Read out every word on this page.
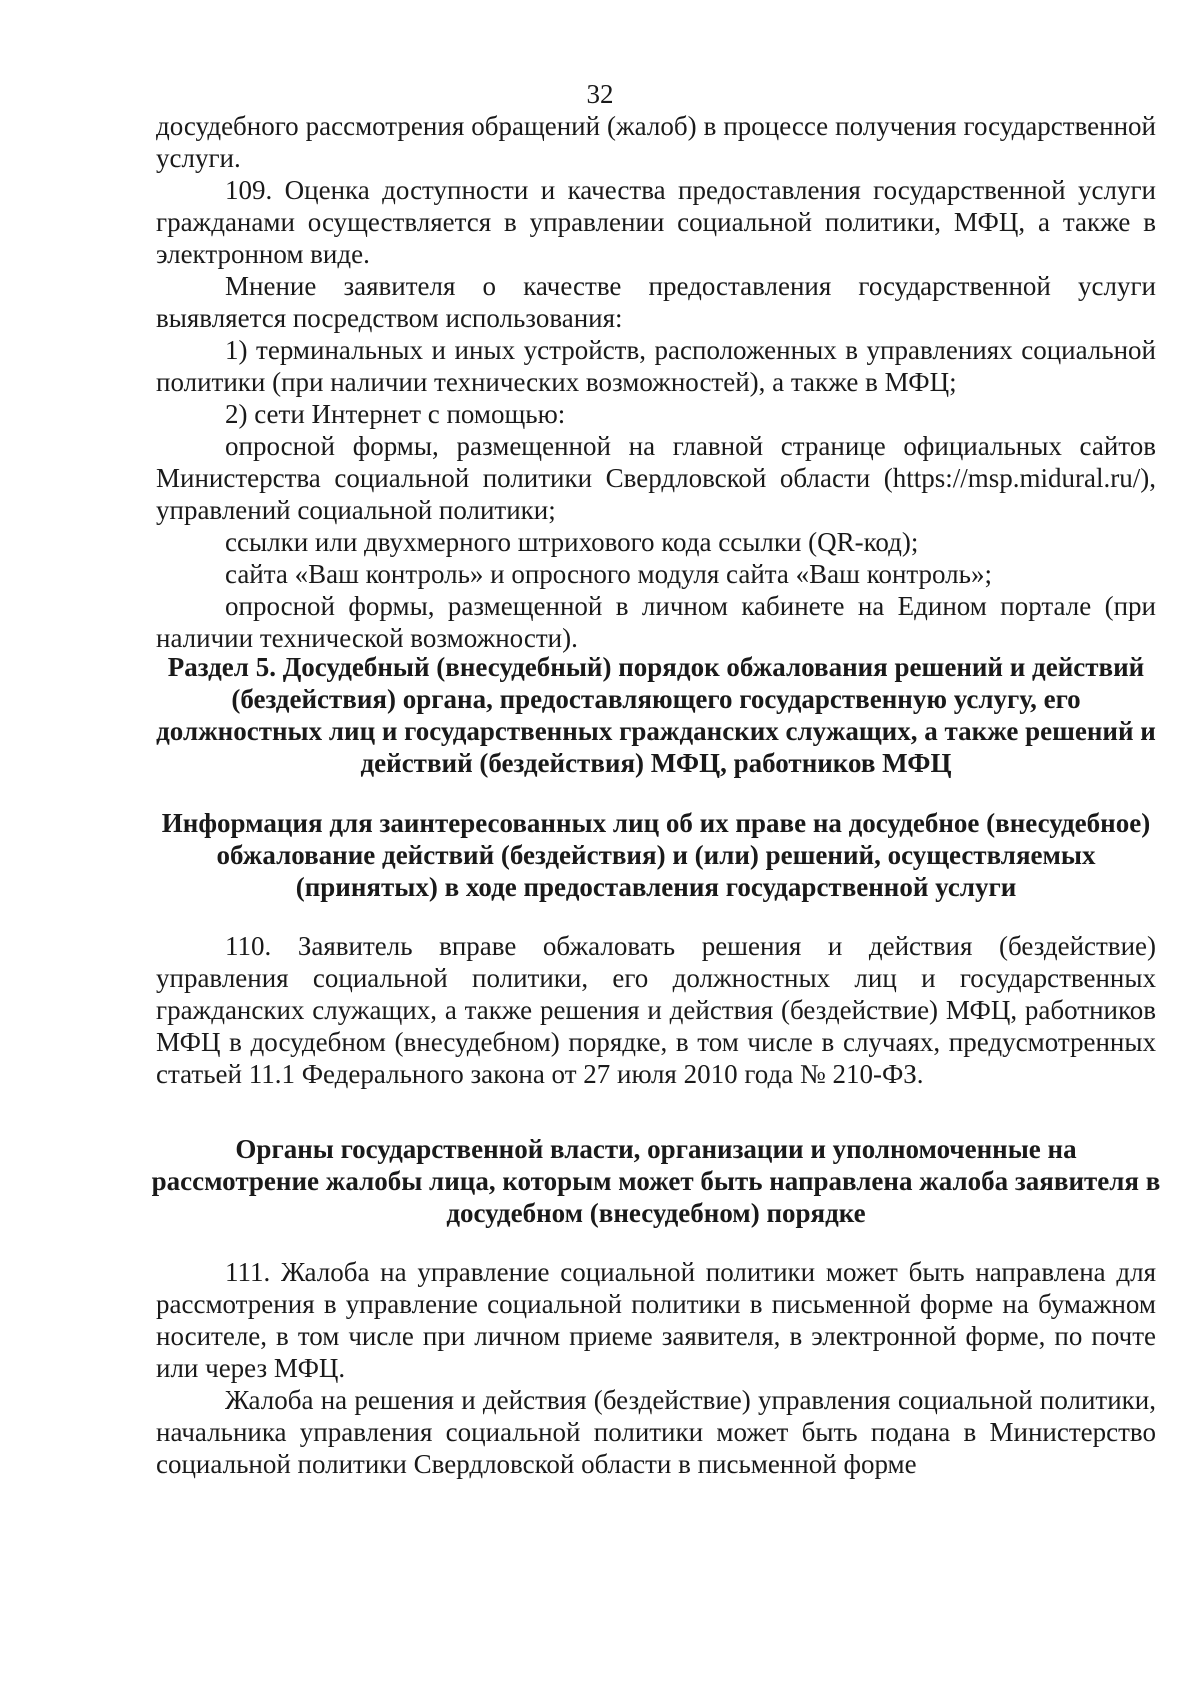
32

досудебного рассмотрения обращений (жалоб) в процессе получения государственной услуги.

109. Оценка доступности и качества предоставления государственной услуги гражданами осуществляется в управлении социальной политики, МФЦ, а также в электронном виде.

Мнение заявителя о качестве предоставления государственной услуги выявляется посредством использования:

1) терминальных и иных устройств, расположенных в управлениях социальной политики (при наличии технических возможностей), а также в МФЦ;

2) сети Интернет с помощью:

опросной формы, размещенной на главной странице официальных сайтов Министерства социальной политики Свердловской области (https://msp.midural.ru/), управлений социальной политики;

ссылки или двухмерного штрихового кода ссылки (QR-код);

сайта «Ваш контроль» и опросного модуля сайта «Ваш контроль»;

опросной формы, размещенной в личном кабинете на Едином портале (при наличии технической возможности).

Раздел 5. Досудебный (внесудебный) порядок обжалования решений и действий (бездействия) органа, предоставляющего государственную услугу, его должностных лиц и государственных гражданских служащих, а также решений и действий (бездействия) МФЦ, работников МФЦ

Информация для заинтересованных лиц об их праве на досудебное (внесудебное) обжалование действий (бездействия) и (или) решений, осуществляемых (принятых) в ходе предоставления государственной услуги

110. Заявитель вправе обжаловать решения и действия (бездействие) управления социальной политики, его должностных лиц и государственных гражданских служащих, а также решения и действия (бездействие) МФЦ, работников МФЦ в досудебном (внесудебном) порядке, в том числе в случаях, предусмотренных статьей 11.1 Федерального закона от 27 июля 2010 года № 210-ФЗ.

Органы государственной власти, организации и уполномоченные на рассмотрение жалобы лица, которым может быть направлена жалоба заявителя в досудебном (внесудебном) порядке

111. Жалоба на управление социальной политики может быть направлена для рассмотрения в управление социальной политики в письменной форме на бумажном носителе, в том числе при личном приеме заявителя, в электронной форме, по почте или через МФЦ.

Жалоба на решения и действия (бездействие) управления социальной политики, начальника управления социальной политики может быть подана в Министерство социальной политики Свердловской области в письменной форме
